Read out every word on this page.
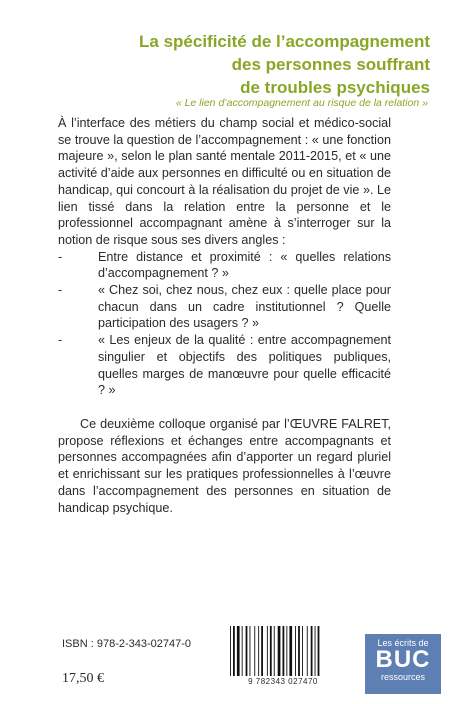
La spécificité de l’accompagnement
des personnes souffrant
de troubles psychiques
« Le lien d’accompagnement au risque de la relation »

À l’interface des métiers du champ social et médico-social se trouve la question de l’accompagnement : « une fonction majeure », selon le plan santé mentale 2011-2015, et « une activité d’aide aux personnes en difficulté ou en situation de handicap, qui concourt à la réalisation du projet de vie ». Le lien tissé dans la relation entre la personne et le professionnel accompagnant amène à s’interroger sur la notion de risque sous ses divers angles :

-	Entre distance et proximité : « quelles relations d’accompagnement ? »
-	« Chez soi, chez nous, chez eux : quelle place pour chacun dans un cadre institutionnel ? Quelle participation des usagers ? »
-	« Les enjeux de la qualité : entre accompagnement singulier et objectifs des politiques publiques, quelles marges de manœuvre pour quelle efficacité ? »

Ce deuxième colloque organisé par l’ŒUVRE FALRET, propose réflexions et échanges entre accompagnants et personnes accompagnées afin d’apporter un regard pluriel et enrichissant sur les pratiques professionnelles à l’œuvre dans l’accompagnement des personnes en situation de handicap psychique.

ISBN : 978-2-343-02747-0
17,50 €	9 782343 027470
Les écrits de
BUC
ressources
